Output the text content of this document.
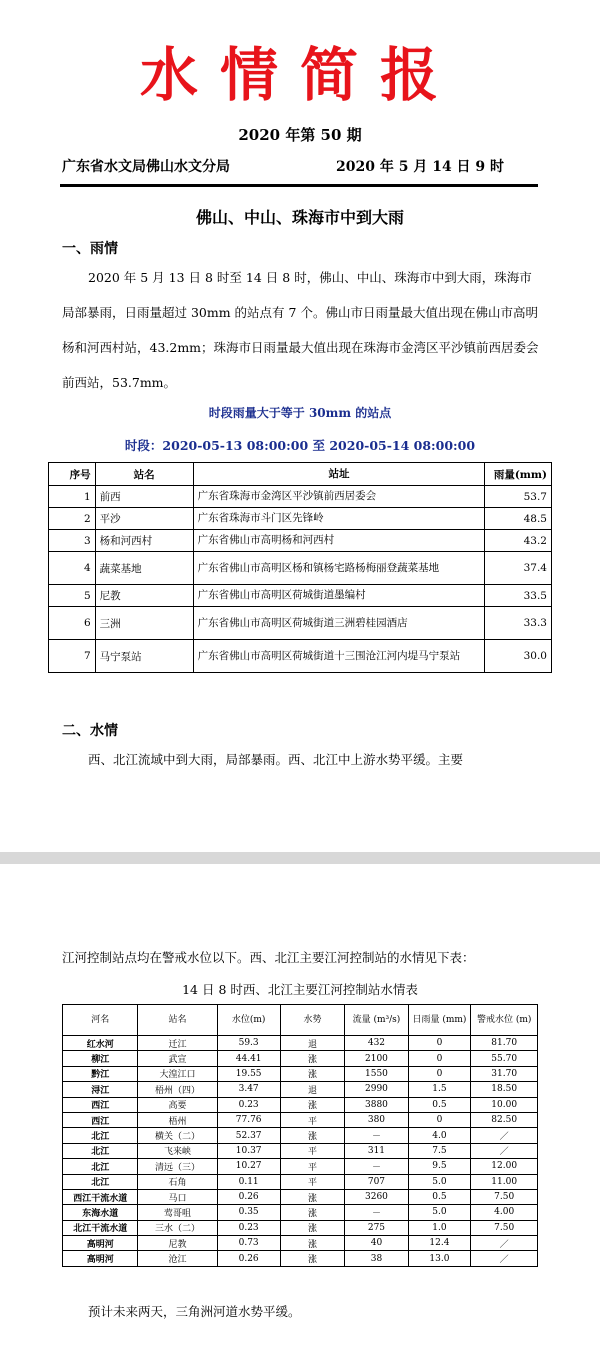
水情简报
2020 年第 50 期
广东省水文局佛山水文分局	2020 年 5 月 14 日 9 时
佛山、中山、珠海市中到大雨
一、雨情
2020 年 5 月 13 日 8 时至 14 日 8 时，佛山、中山、珠海市中到大雨，珠海市局部暴雨，日雨量超过 30mm 的站点有 7 个。佛山市日雨量最大值出现在佛山市高明杨和河西村站，43.2mm；珠海市日雨量最大值出现在珠海市金湾区平沙镇前西居委会前西站，53.7mm。
时段雨量大于等于 30mm 的站点
时段：2020-05-13 08:00:00 至 2020-05-14 08:00:00
序号	站名	站址	雨量(mm)
1	前西	广东省珠海市金湾区平沙镇前西居委会	53.7
2	平沙	广东省珠海市斗门区先锋岭	48.5
3	杨和河西村	广东省佛山市高明杨和河西村	43.2
4	蔬菜基地	广东省佛山市高明区杨和镇杨宅路杨梅丽登蔬菜基地	37.4
5	尼教	广东省佛山市高明区荷城街道墨编村	33.5
6	三洲	广东省佛山市高明区荷城街道三洲碧桂园酒店	33.3
7	马宁泵站	广东省佛山市高明区荷城街道十三围沧江河内堤马宁泵站	30.0
二、水情
西、北江流域中到大雨，局部暴雨。西、北江中上游水势平缓。主要
江河控制站点均在警戒水位以下。西、北江主要江河控制站的水情见下表：
14 日 8 时西、北江主要江河控制站水情表
河名	站名	水位(m)	水势	流量 (m³/s)	日雨量 (mm)	警戒水位 (m)
红水河	迁江	59.3	退	432	0	81.70
柳江	武宣	44.41	涨	2100	0	55.70
黔江	大湟江口	19.55	涨	1550	0	31.70
浔江	梧州（四）	3.47	退	2990	1.5	18.50
西江	高要	0.23	涨	3880	0.5	10.00
西江	梧州	77.76	平	380	0	82.50
北江	横关（二）	52.37	涨	－	4.0	／
北江	飞来峡	10.37	平	311	7.5	／
北江	清远（三）	10.27	平	－	9.5	12.00
北江	石角	0.11	平	707	5.0	11.00
西江干流水道	马口	0.26	涨	3260	0.5	7.50
东海水道	莺哥咀	0.35	涨	－	5.0	4.00
北江干流水道	三水（二）	0.23	涨	275	1.0	7.50
高明河	尼教	0.73	涨	40	12.4	／
高明河	沧江	0.26	涨	38	13.0	／
预计未来两天，三角洲河道水势平缓。
